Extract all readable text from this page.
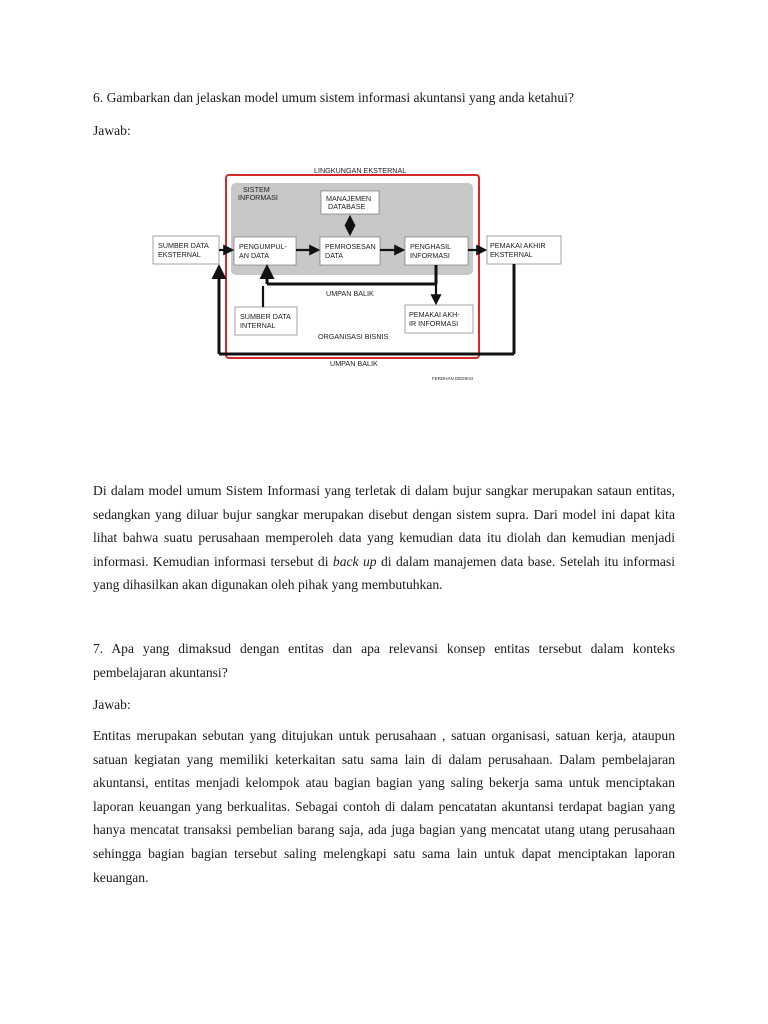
6. Gambarkan dan jelaskan model umum sistem informasi akuntansi yang anda ketahui?
Jawab:
LINGKUNGAN EKSTERNAL
SISTEM
INFORMASI	MANAJEMEN
DATABASE
PENGUMPUL-
AN DATA
PEMROSESAN
DATA
PENGHASIL
INFORMASI
SUMBER DATA
EKSTERNAL
PEMAKAI AKHIR
EKSTERNAL
UMPAN BALIK
SUMBER DATA
INTERNAL
PEMAKAI AKH-
IR INFORMASI
ORGANISASI BISNIS
UMPAN BALIK
FERDHAN DEDIKSI
Di dalam model umum Sistem Informasi yang terletak di dalam bujur sangkar merupakan sataun entitas, sedangkan yang diluar bujur sangkar merupakan disebut dengan sistem supra. Dari model ini dapat kita lihat bahwa suatu perusahaan memperoleh data yang kemudian data itu diolah dan kemudian menjadi informasi. Kemudian informasi tersebut di back up di dalam manajemen data base. Setelah itu informasi yang dihasilkan akan digunakan oleh pihak yang membutuhkan.
7. Apa yang dimaksud dengan entitas dan apa relevansi konsep entitas tersebut dalam konteks pembelajaran akuntansi?
Jawab:
Entitas merupakan sebutan yang ditujukan untuk perusahaan , satuan organisasi, satuan kerja, ataupun satuan kegiatan yang memiliki keterkaitan satu sama lain di dalam perusahaan. Dalam pembelajaran akuntansi, entitas menjadi kelompok atau bagian bagian yang saling bekerja sama untuk menciptakan laporan keuangan yang berkualitas. Sebagai contoh di dalam pencatatan akuntansi terdapat bagian yang hanya mencatat transaksi pembelian barang saja, ada juga bagian yang mencatat utang utang perusahaan sehingga bagian bagian tersebut saling melengkapi satu sama lain untuk dapat menciptakan laporan keuangan.
